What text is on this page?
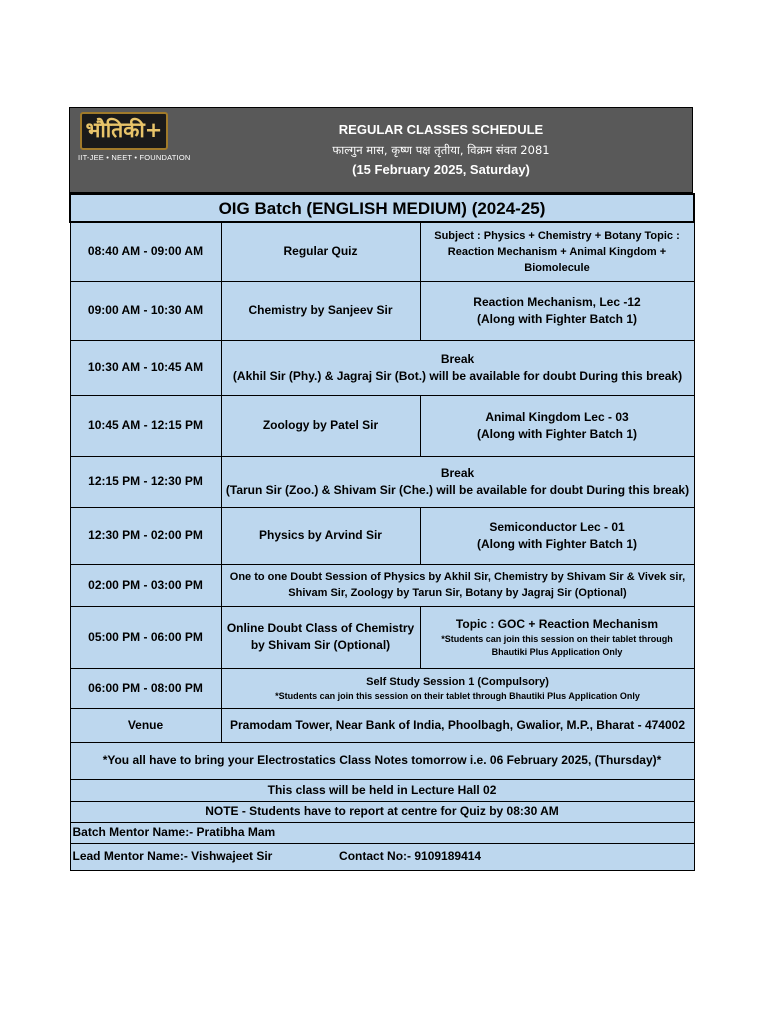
भौतिकी+
IIT-JEE • NEET • FOUNDATION
REGULAR CLASSES SCHEDULE
फाल्गुन मास, कृष्ण पक्ष तृतीया, विक्रम संवत 2081
(15 February 2025, Saturday)
OIG Batch (ENGLISH MEDIUM) (2024-25)		
08:40 AM - 09:00 AM	Regular Quiz	Subject : Physics + Chemistry + Botany Topic : Reaction Mechanism + Animal Kingdom + Biomolecule
09:00 AM - 10:30 AM	Chemistry by Sanjeev Sir	Reaction Mechanism, Lec -12
(Along with Fighter Batch 1)

10:30 AM - 10:45 AM	Break
(Akhil Sir (Phy.) & Jagraj Sir (Bot.) will be available for doubt During this break)	

10:45 AM - 12:15 PM	Zoology by Patel Sir	Animal Kingdom Lec - 03
(Along with Fighter Batch 1)

12:15 PM - 12:30 PM	Break
(Tarun Sir (Zoo.) & Shivam Sir (Che.) will be available for doubt During this break)	

12:30 PM - 02:00 PM	Physics by Arvind Sir	Semiconductor Lec - 01
(Along with Fighter Batch 1)

02:00 PM - 03:00 PM	One to one Doubt Session of Physics by Akhil Sir, Chemistry by Shivam Sir & Vivek sir, Shivam Sir, Zoology by Tarun Sir, Botany by Jagraj Sir (Optional)	
05:00 PM - 06:00 PM	Online Doubt Class of Chemistry by Shivam Sir (Optional)	Topic : GOC + Reaction Mechanism
*Students can join this session on their tablet through Bhautiki Plus Application Only

06:00 PM - 08:00 PM	Self Study Session 1 (Compulsory)
*Students can join this session on their tablet through Bhautiki Plus Application Only	

Venue	Pramodam Tower, Near Bank of India, Phoolbagh, Gwalior, M.P., Bharat - 474002	
*You all have to bring your Electrostatics Class Notes tomorrow i.e. 06 February 2025, (Thursday)*		
This class will be held in Lecture Hall 02		
NOTE - Students have to report at centre for Quiz by 08:30 AM		
Batch Mentor Name:- Pratibha Mam		
Lead Mentor Name:- Vishwajeet Sir Contact No:- 9109189414		
